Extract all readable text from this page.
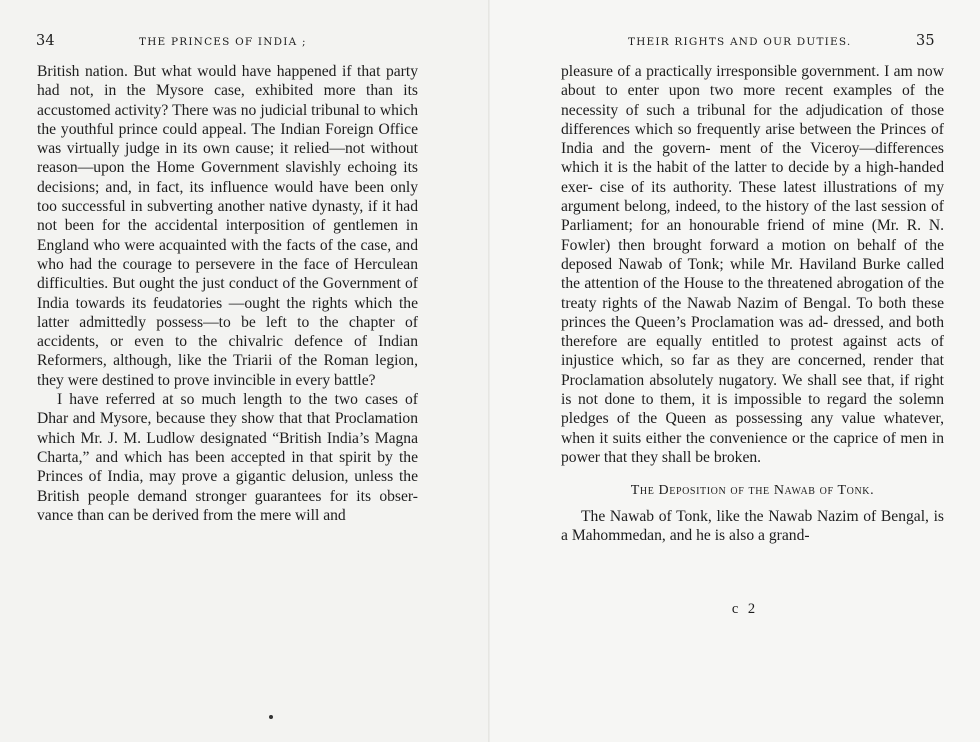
34	THE PRINCES OF INDIA ;

British nation. But what would have happened if that party had not, in the Mysore case, exhibited more than its accustomed activity? There was no judicial tribunal to which the youthful prince could appeal. The Indian Foreign Office was virtually judge in its own cause; it relied—not without reason—upon the Home Government slavishly echoing its decisions; and, in fact, its influence would have been only too successful in subverting another native dynasty, if it had not been for the accidental interposition of gentlemen in England who were acquainted with the facts of the case, and who had the courage to persevere in the face of Herculean difficulties. But ought the just conduct of the Government of India towards its feudatories —ought the rights which the latter admittedly possess—to be left to the chapter of accidents, or even to the chivalric defence of Indian Reformers, although, like the Triarii of the Roman legion, they were destined to prove invincible in every battle?

I have referred at so much length to the two cases of Dhar and Mysore, because they show that that Proclamation which Mr. J. M. Ludlow designated “British India’s Magna Charta,” and which has been accepted in that spirit by the Princes of India, may prove a gigantic delusion, unless the British people demand stronger guarantees for its obser- vance than can be derived from the mere will and

THEIR RIGHTS AND OUR DUTIES.	35

pleasure of a practically irresponsible government. I am now about to enter upon two more recent examples of the necessity of such a tribunal for the adjudication of those differences which so frequently arise between the Princes of India and the govern- ment of the Viceroy—differences which it is the habit of the latter to decide by a high-handed exer- cise of its authority. These latest illustrations of my argument belong, indeed, to the history of the last session of Parliament; for an honourable friend of mine (Mr. R. N. Fowler) then brought forward a motion on behalf of the deposed Nawab of Tonk; while Mr. Haviland Burke called the attention of the House to the threatened abrogation of the treaty rights of the Nawab Nazim of Bengal. To both these princes the Queen’s Proclamation was ad- dressed, and both therefore are equally entitled to protest against acts of injustice which, so far as they are concerned, render that Proclamation absolutely nugatory. We shall see that, if right is not done to them, it is impossible to regard the solemn pledges of the Queen as possessing any value whatever, when it suits either the convenience or the caprice of men in power that they shall be broken.

The Deposition of the Nawab of Tonk.

The Nawab of Tonk, like the Nawab Nazim of Bengal, is a Mahommedan, and he is also a grand-

c 2
